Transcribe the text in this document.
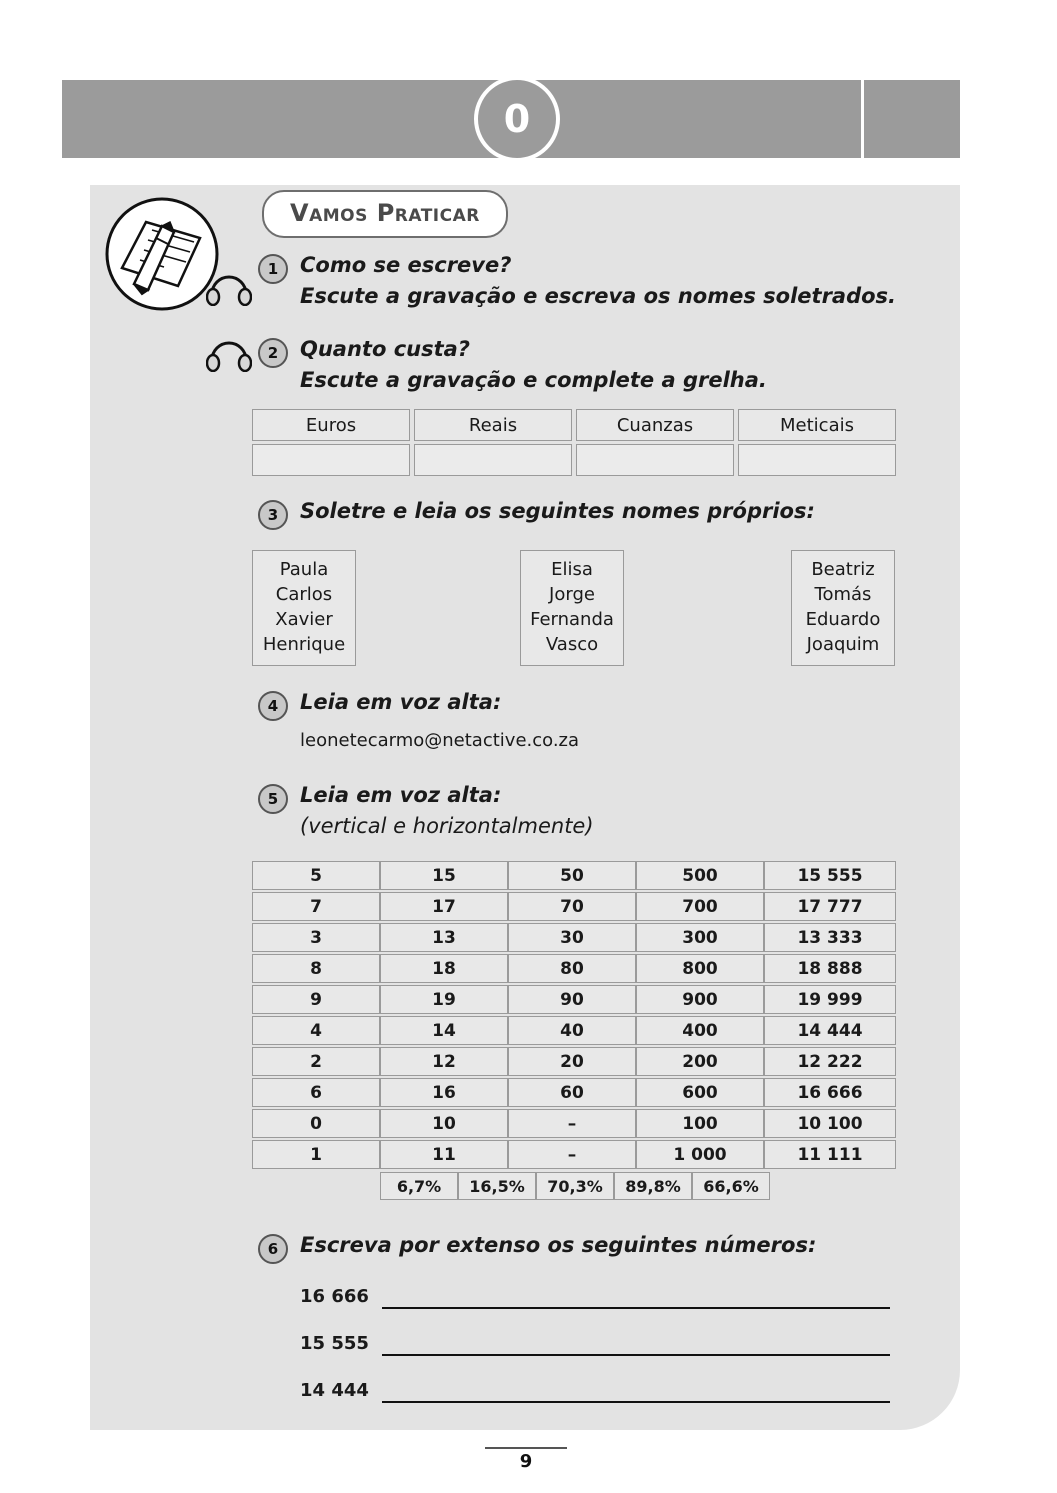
unidade
introdutória
0
Vamos Praticar
1	Como se escreve?
Escute a gravação e escreva os nomes soletrados.
2	Quanto custa?
Escute a gravação e complete a grelha.
Euros	Reais	Cuanzas	Meticais
3	Soletre e leia os seguintes nomes próprios:
Paula
Carlos
Xavier
Henrique
Elisa
Jorge
Fernanda
Vasco
Beatriz
Tomás
Eduardo
Joaquim
4	Leia em voz alta:
leonetecarmo@netactive.co.za
5	Leia em voz alta:
(vertical e horizontalmente)
5	15	50	500	15 555
7	17	70	700	17 777
3	13	30	300	13 333
8	18	80	800	18 888
9	19	90	900	19 999
4	14	40	400	14 444
2	12	20	200	12 222
6	16	60	600	16 666
0	10	–	100	10 100
1	11	–	1 000	11 111
6,7%	16,5%	70,3%	89,8%	66,6%
6	Escreva por extenso os seguintes números:
16 666
15 555
14 444
9
